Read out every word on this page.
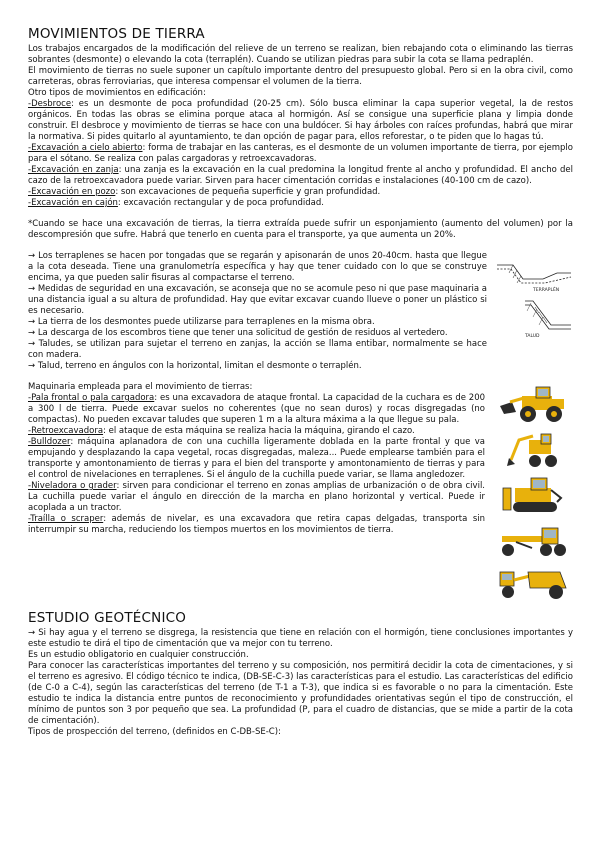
MOVIMIENTOS DE TIERRA

Los trabajos encargados de la modificación del relieve de un terreno se realizan, bien rebajando cota o eliminando las tierras sobrantes (desmonte) o elevando la cota (terraplén). Cuando se utilizan piedras para subir la cota se llama pedraplén.

El movimiento de tierras no suele suponer un capítulo importante dentro del presupuesto global. Pero si en la obra civil, como carreteras, obras ferroviarias, que interesa compensar el volumen de la tierra.

Otro tipos de movimientos en edificación:

-Desbroce: es un desmonte de poca profundidad (20-25 cm). Sólo busca eliminar la capa superior vegetal, la de restos orgánicos. En todas las obras se elimina porque ataca al hormigón. Así se consigue una superficie plana y limpia donde construir. El desbroce y movimiento de tierras se hace con una buldócer. Si hay árboles con raíces profundas, habrá que mirar la normativa. Si pides quitarlo al ayuntamiento, te dan opción de pagar para, ellos reforestar, o te piden que lo hagas tú.

-Excavación a cielo abierto: forma de trabajar en las canteras, es el desmonte de un volumen importante de tierra, por ejemplo para el sótano. Se realiza con palas cargadoras y retroexcavadoras.

-Excavación en zanja: una zanja es la excavación en la cual predomina la longitud frente al ancho y profundidad. El ancho del cazo de la retroexcavadora puede variar. Sirven para hacer cimentación corridas e instalaciones (40-100 cm de cazo).

-Excavación en pozo: son excavaciones de pequeña superficie y gran profundidad.

-Excavación en cajón: excavación rectangular y de poca profundidad.

*Cuando se hace una excavación de tierras, la tierra extraída puede sufrir un esponjamiento (aumento del volumen) por la descompresión que sufre. Habrá que tenerlo en cuenta para el transporte, ya que aumenta un 20%.

→ Los terraplenes se hacen por tongadas que se regarán y apisonarán de unos 20-40cm. hasta que llegue a la cota deseada. Tiene una granulometría específica y hay que tener cuidado con lo que se construye encima, ya que pueden salir fisuras al compactarse el terreno.

→ Medidas de seguridad en una excavación, se aconseja que no se acomule peso ni que pase maquinaria a una distancia igual a su altura de profundidad. Hay que evitar excavar cuando llueve o poner un plástico si es necesario.

→ La tierra de los desmontes puede utilizarse para terraplenes en la misma obra.

→ La descarga de los escombros tiene que tener una solicitud de gestión de residuos al vertedero.

→ Taludes, se utilizan para sujetar el terreno en zanjas, la acción se llama entibar, normalmente se hace con madera.

→ Talud, terreno en ángulos con la horizontal, limitan el desmonte o terraplén.

TERRAPLÉN
TALUD

Maquinaria empleada para el movimiento de tierras:

-Pala frontal o pala cargadora: es una excavadora de ataque frontal. La capacidad de la cuchara es de 200 a 300 l de tierra. Puede excavar suelos no coherentes (que no sean duros) y rocas disgregadas (no compactas). No pueden excavar taludes que superen 1 m a la altura máxima a la que llegue su pala.

-Retroexcavadora: el ataque de esta máquina se realiza hacia la máquina, girando el cazo.

-Bulldozer: máquina aplanadora de con una cuchilla ligeramente doblada en la parte frontal y que va empujando y desplazando la capa vegetal, rocas disgregadas, maleza... Puede emplearse también para el transporte y amontonamiento de tierras y para el bien del transporte y amontonamiento de tierras y para el control de nivelaciones en terraplenes. Si el ángulo de la cuchilla puede variar, se llama angledozer.

-Niveladora o grader: sirven para condicionar el terreno en zonas amplias de urbanización o de obra civil. La cuchilla puede variar el ángulo en dirección de la marcha en plano horizontal y vertical. Puede ir acoplada a un tractor.

-Traílla o scraper: además de nivelar, es una excavadora que retira capas delgadas, transporta sin interrumpir su marcha, reduciendo los tiempos muertos en los movimientos de tierra.

ESTUDIO GEOTÉCNICO

→ Si hay agua y el terreno se disgrega, la resistencia que tiene en relación con el hormigón, tiene conclusiones importantes y este estudio te dirá el tipo de cimentación que va mejor con tu terreno.

Es un estudio obligatorio en cualquier construcción.

Para conocer las características importantes del terreno y su composición, nos permitirá decidir la cota de cimentaciones, y si el terreno es agresivo. El código técnico te indica, (DB-SE-C-3) las características para el estudio. Las características del edificio (de C-0 a C-4), según las características del terreno (de T-1 a T-3), que indica si es favorable o no para la cimentación. Este estudio te indica la distancia entre puntos de reconocimiento y profundidades orientativas según el tipo de construcción, el mínimo de puntos son 3 por pequeño que sea. La profundidad (P, para el cuadro de distancias, que se mide a partir de la cota de cimentación).

Tipos de prospección del terreno, (definidos en C-DB-SE-C):
